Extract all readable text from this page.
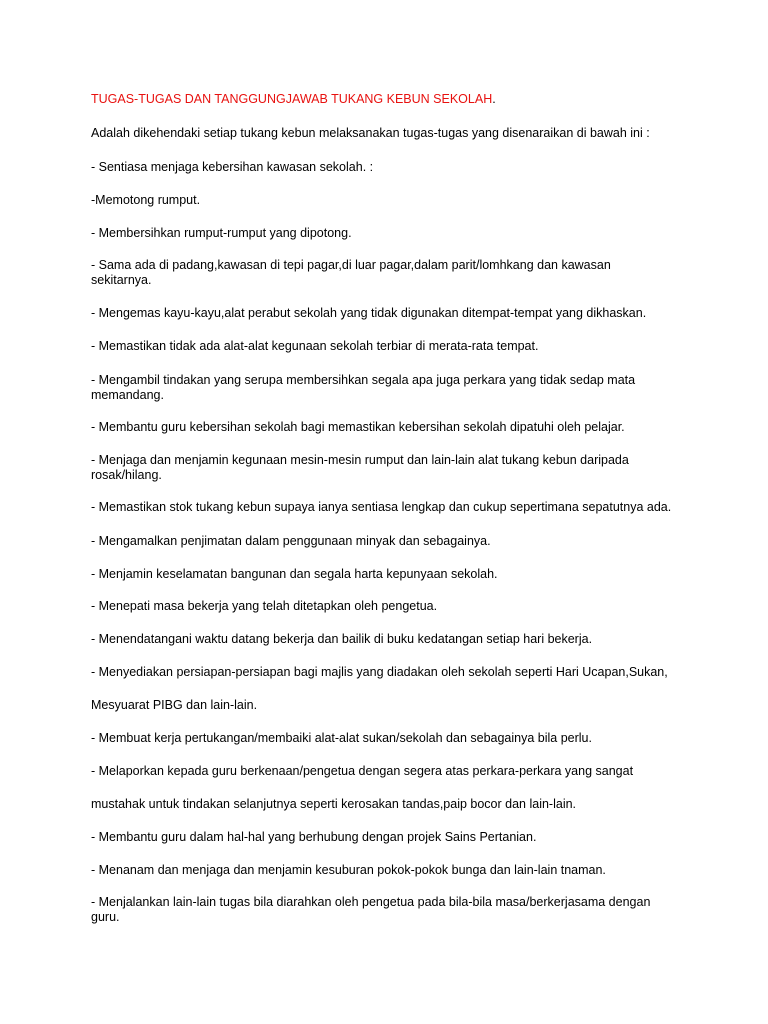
TUGAS-TUGAS DAN TANGGUNGJAWAB TUKANG KEBUN SEKOLAH.

Adalah dikehendaki setiap tukang kebun melaksanakan tugas-tugas yang disenaraikan di bawah ini :

- Sentiasa menjaga kebersihan kawasan sekolah. :

-Memotong rumput.

- Membersihkan rumput-rumput yang dipotong.

- Sama ada di padang,kawasan di tepi pagar,di luar pagar,dalam parit/lomhkang dan kawasan sekitarnya.

- Mengemas kayu-kayu,alat perabut sekolah yang tidak digunakan ditempat-tempat yang dikhaskan.

- Memastikan tidak ada alat-alat kegunaan sekolah terbiar di merata-rata tempat.

- Mengambil tindakan yang serupa membersihkan segala apa juga perkara yang tidak sedap mata memandang.

- Membantu guru kebersihan sekolah bagi memastikan kebersihan sekolah dipatuhi oleh pelajar.

- Menjaga dan menjamin kegunaan mesin-mesin rumput dan lain-lain alat tukang kebun daripada rosak/hilang.

- Memastikan stok tukang kebun supaya ianya sentiasa lengkap dan cukup sepertimana sepatutnya ada.

- Mengamalkan penjimatan dalam penggunaan minyak dan sebagainya.

- Menjamin keselamatan bangunan dan segala harta kepunyaan sekolah.

- Menepati masa bekerja yang telah ditetapkan oleh pengetua.

- Menendatangani waktu datang bekerja dan bailik di buku kedatangan setiap hari bekerja.

- Menyediakan persiapan-persiapan bagi majlis yang diadakan oleh sekolah seperti Hari Ucapan,Sukan,

Mesyuarat PIBG dan lain-lain.

- Membuat kerja pertukangan/membaiki alat-alat sukan/sekolah dan sebagainya bila perlu.

- Melaporkan kepada guru berkenaan/pengetua dengan segera atas perkara-perkara yang sangat

mustahak untuk tindakan selanjutnya seperti kerosakan tandas,paip bocor dan lain-lain.

- Membantu guru dalam hal-hal yang berhubung dengan projek Sains Pertanian.

- Menanam dan menjaga dan menjamin kesuburan pokok-pokok bunga dan lain-lain tnaman.

- Menjalankan lain-lain tugas bila diarahkan oleh pengetua pada bila-bila masa/berkerjasama dengan guru.
